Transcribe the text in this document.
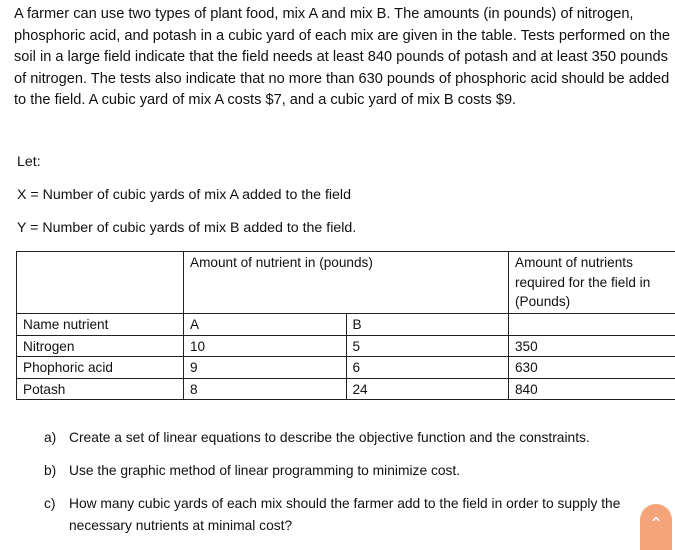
A farmer can use two types of plant food, mix A and mix B. The amounts (in pounds) of nitrogen, phosphoric acid, and potash in a cubic yard of each mix are given in the table. Tests performed on the soil in a large field indicate that the field needs at least 840 pounds of potash and at least 350 pounds of nitrogen. The tests also indicate that no more than 630 pounds of phosphoric acid should be added to the field. A cubic yard of mix A costs $7, and a cubic yard of mix B costs $9.

Let:
X = Number of cubic yards of mix A added to the field
Y = Number of cubic yards of mix B added to the field.
	Amount of nutrient in (pounds)		Amount of nutrients required for the field in (Pounds)
Name nutrient	A	B	
Nitrogen	10	5	350
Phophoric acid	9	6	630
Potash	8	24	840
a) Create a set of linear equations to describe the objective function and the constraints.
b) Use the graphic method of linear programming to minimize cost.
c) How many cubic yards of each mix should the farmer add to the field in order to supply the necessary nutrients at minimal cost?	⌃
